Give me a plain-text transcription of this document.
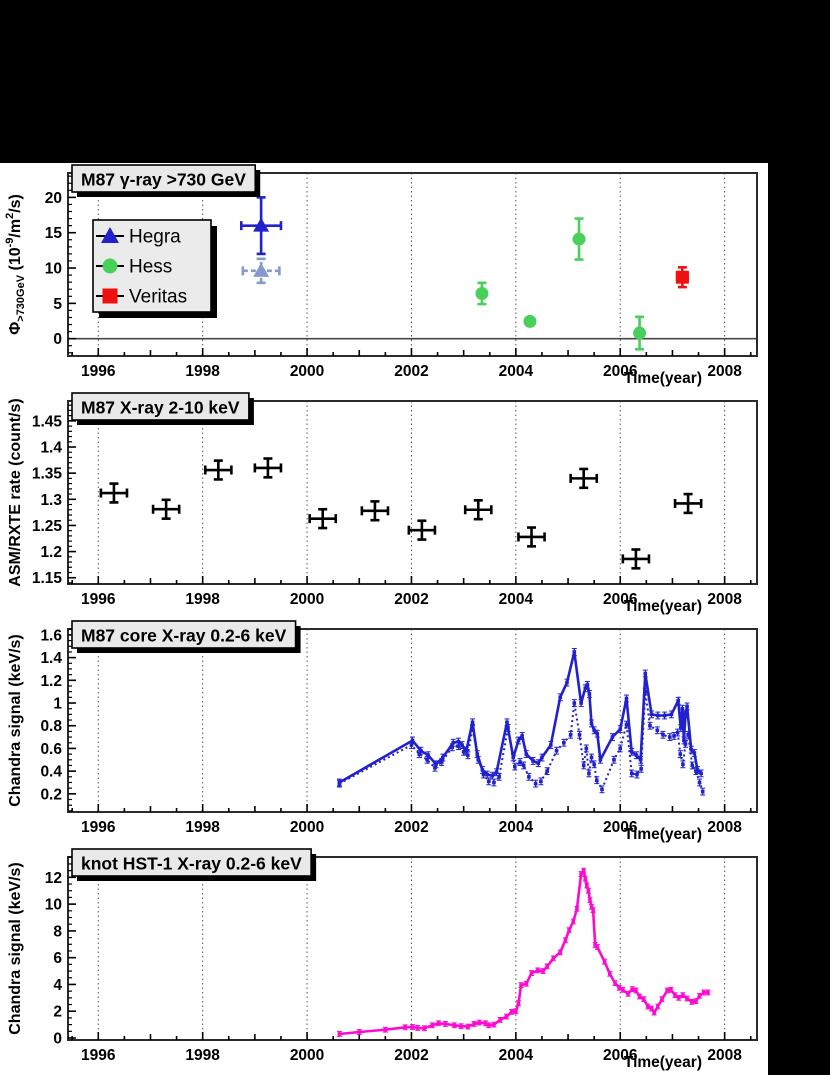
1996	1998	2000	2002	2004	2006	2008
Time(year)
0
5
10
15
20
$\Phi_{>730GeV}$ $(10^{-9}/m^2/s)$
Hegra
Hess
Veritas
M87 γ-ray >730 GeV
1996	1998	2000	2002	2004	2006	2008
Time(year)
1.15
1.2
1.25
1.3
1.35
1.4
1.45
ASM/RXTE rate (count/s)	M87 X-ray 2-10 keV
1996	1998	2000	2002	2004	2006	2008
Time(year)
0.2
0.4
0.6
0.8
1
1.2
1.4
1.6
Chandra signal (keV/s)	M87 core X-ray 0.2-6 keV
1996	1998	2000	2002	2004	2006	2008
Time(year)
0
2
4
6
8
10
12
Chandra signal (keV/s)	knot HST-1 X-ray 0.2-6 keV
